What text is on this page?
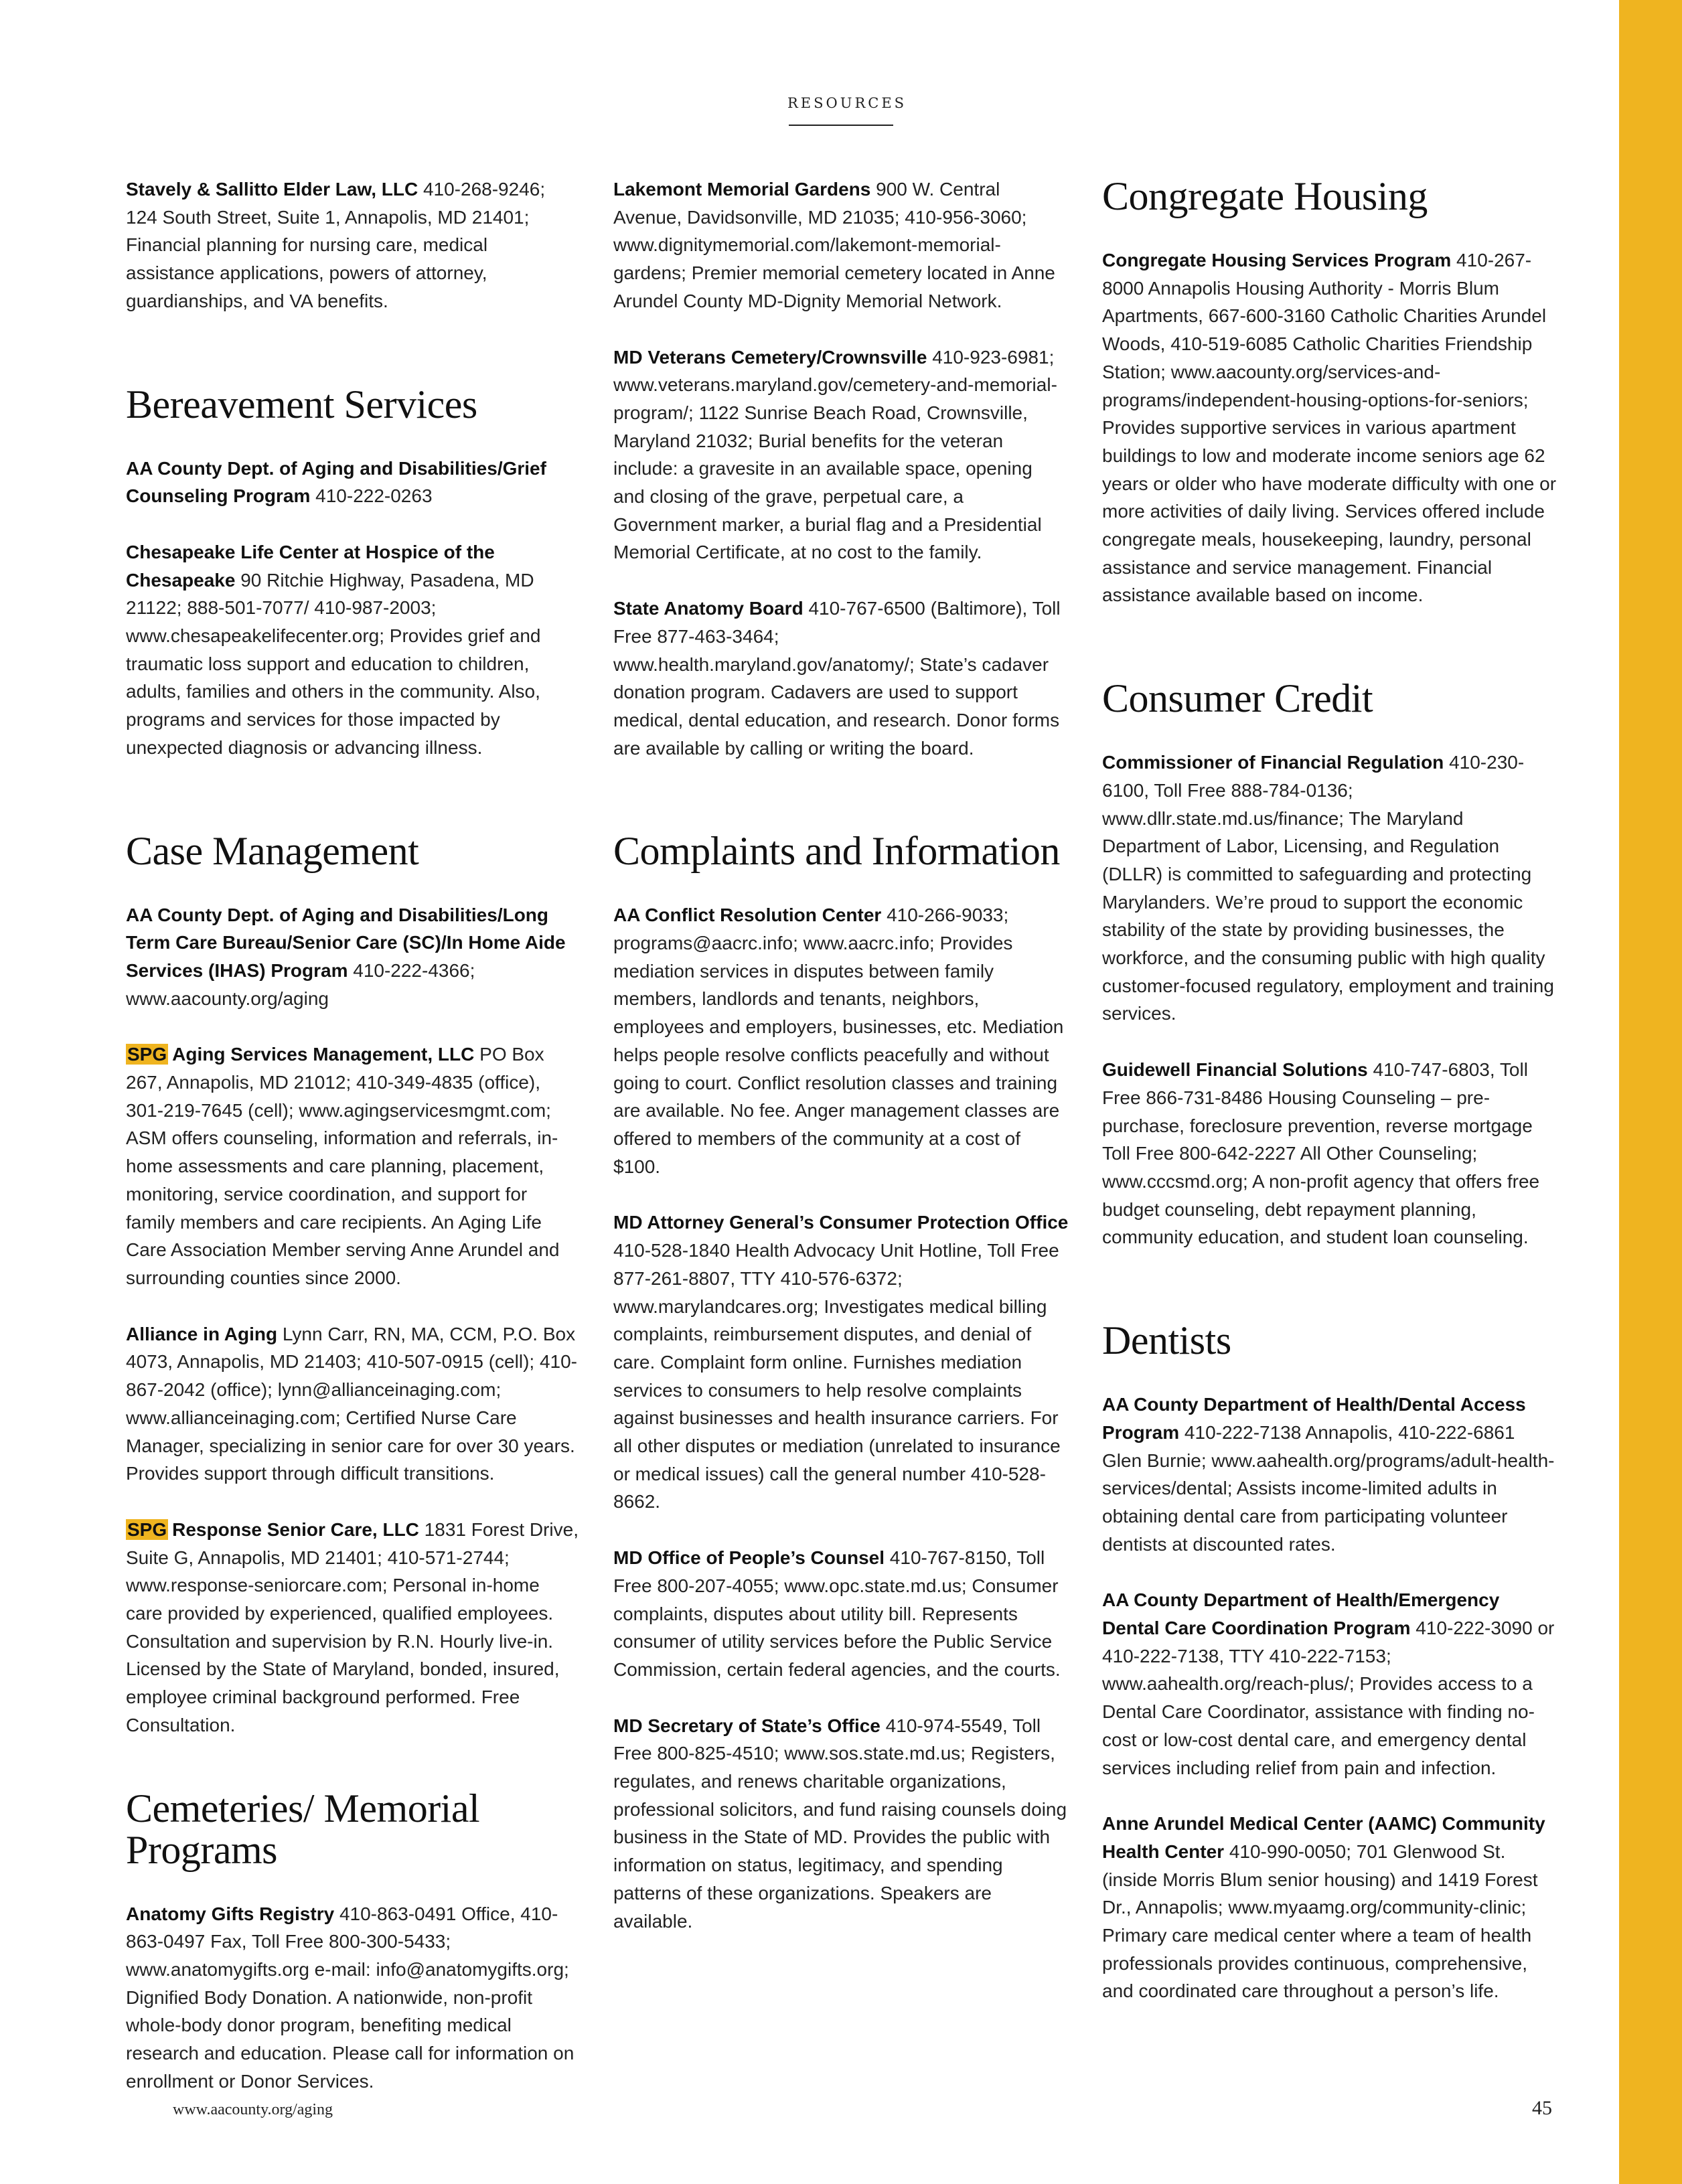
RESOURCES

Stavely & Sallitto Elder Law, LLC 410-268-9246; 124 South Street, Suite 1, Annapolis, MD 21401; Financial planning for nursing care, medical assistance applications, powers of attorney, guardianships, and VA benefits.

Bereavement Services

AA County Dept. of Aging and Disabilities/Grief Counseling Program 410-222-0263

Chesapeake Life Center at Hospice of the Chesapeake 90 Ritchie Highway, Pasadena, MD 21122; 888-501-7077/ 410-987-2003; www.chesapeakelifecenter.org; Provides grief and traumatic loss support and education to children, adults, families and others in the community. Also, programs and services for those impacted by unexpected diagnosis or advancing illness.

Case Management

AA County Dept. of Aging and Disabilities/Long Term Care Bureau/Senior Care (SC)/In Home Aide Services (IHAS) Program 410-222-4366; www.aacounty.org/aging

SPG Aging Services Management, LLC PO Box 267, Annapolis, MD 21012; 410-349-4835 (office), 301-219-7645 (cell); www.agingservicesmgmt.com; ASM offers counseling, information and referrals, in-home assessments and care planning, placement, monitoring, service coordination, and support for family members and care recipients. An Aging Life Care Association Member serving Anne Arundel and surrounding counties since 2000.

Alliance in Aging Lynn Carr, RN, MA, CCM, P.O. Box 4073, Annapolis, MD 21403; 410-507-0915 (cell); 410-867-2042 (office); lynn@allianceinaging.com; www.allianceinaging.com; Certified Nurse Care Manager, specializing in senior care for over 30 years. Provides support through difficult transitions.

SPG Response Senior Care, LLC 1831 Forest Drive, Suite G, Annapolis, MD 21401; 410-571-2744; www.response-seniorcare.com; Personal in-home care provided by experienced, qualified employees. Consultation and supervision by R.N. Hourly live-in. Licensed by the State of Maryland, bonded, insured, employee criminal background performed. Free Consultation.

Cemeteries/ Memorial Programs

Anatomy Gifts Registry 410-863-0491 Office, 410-863-0497 Fax, Toll Free 800-300-5433; www.anatomygifts.org e-mail: info@anatomygifts.org; Dignified Body Donation. A nationwide, non-profit whole-body donor program, benefiting medical research and education. Please call for information on enrollment or Donor Services.

Lakemont Memorial Gardens 900 W. Central Avenue, Davidsonville, MD 21035; 410-956-3060; www.dignitymemorial.com/lakemont-memorial-gardens; Premier memorial cemetery located in Anne Arundel County MD-Dignity Memorial Network.

MD Veterans Cemetery/Crownsville 410-923-6981; www.veterans.maryland.gov/cemetery-and-memorial-program/; 1122 Sunrise Beach Road, Crownsville, Maryland 21032; Burial benefits for the veteran include: a gravesite in an available space, opening and closing of the grave, perpetual care, a Government marker, a burial flag and a Presidential Memorial Certificate, at no cost to the family.

State Anatomy Board 410-767-6500 (Baltimore), Toll Free 877-463-3464; www.health.maryland.gov/anatomy/; State’s cadaver donation program. Cadavers are used to support medical, dental education, and research. Donor forms are available by calling or writing the board.

Complaints and Information

AA Conflict Resolution Center 410-266-9033; programs@aacrc.info; www.aacrc.info; Provides mediation services in disputes between family members, landlords and tenants, neighbors, employees and employers, businesses, etc. Mediation helps people resolve conflicts peacefully and without going to court. Conflict resolution classes and training are available. No fee. Anger management classes are offered to members of the community at a cost of $100.

MD Attorney General’s Consumer Protection Office 410-528-1840 Health Advocacy Unit Hotline, Toll Free 877-261-8807, TTY 410-576-6372; www.marylandcares.org; Investigates medical billing complaints, reimbursement disputes, and denial of care. Complaint form online. Furnishes mediation services to consumers to help resolve complaints against businesses and health insurance carriers. For all other disputes or mediation (unrelated to insurance or medical issues) call the general number 410-528-8662.

MD Office of People’s Counsel 410-767-8150, Toll Free 800-207-4055; www.opc.state.md.us; Consumer complaints, disputes about utility bill. Represents consumer of utility services before the Public Service Commission, certain federal agencies, and the courts.

MD Secretary of State’s Office 410-974-5549, Toll Free 800-825-4510; www.sos.state.md.us; Registers, regulates, and renews charitable organizations, professional solicitors, and fund raising counsels doing business in the State of MD. Provides the public with information on status, legitimacy, and spending patterns of these organizations. Speakers are available.

Congregate Housing

Congregate Housing Services Program 410-267-8000 Annapolis Housing Authority - Morris Blum Apartments, 667-600-3160 Catholic Charities Arundel Woods, 410-519-6085 Catholic Charities Friendship Station; www.aacounty.org/services-and-programs/independent-housing-options-for-seniors; Provides supportive services in various apartment buildings to low and moderate income seniors age 62 years or older who have moderate difficulty with one or more activities of daily living. Services offered include congregate meals, housekeeping, laundry, personal assistance and service management. Financial assistance available based on income.

Consumer Credit

Commissioner of Financial Regulation 410-230-6100, Toll Free 888-784-0136; www.dllr.state.md.us/finance; The Maryland Department of Labor, Licensing, and Regulation (DLLR) is committed to safeguarding and protecting Marylanders. We’re proud to support the economic stability of the state by providing businesses, the workforce, and the consuming public with high quality customer-focused regulatory, employment and training services.

Guidewell Financial Solutions 410-747-6803, Toll Free 866-731-8486 Housing Counseling – pre-purchase, foreclosure prevention, reverse mortgage Toll Free 800-642-2227 All Other Counseling; www.cccsmd.org; A non-profit agency that offers free budget counseling, debt repayment planning, community education, and student loan counseling.

Dentists

AA County Department of Health/Dental Access Program 410-222-7138 Annapolis, 410-222-6861 Glen Burnie; www.aahealth.org/programs/adult-health-services/dental; Assists income-limited adults in obtaining dental care from participating volunteer dentists at discounted rates.

AA County Department of Health/Emergency Dental Care Coordination Program 410-222-3090 or 410-222-7138, TTY 410-222-7153; www.aahealth.org/reach-plus/; Provides access to a Dental Care Coordinator, assistance with finding no-cost or low-cost dental care, and emergency dental services including relief from pain and infection.

Anne Arundel Medical Center (AAMC) Community Health Center 410-990-0050; 701 Glenwood St. (inside Morris Blum senior housing) and 1419 Forest Dr., Annapolis; www.myaamg.org/community-clinic; Primary care medical center where a team of health professionals provides continuous, comprehensive, and coordinated care throughout a person’s life.

www.aacounty.org/aging	45
